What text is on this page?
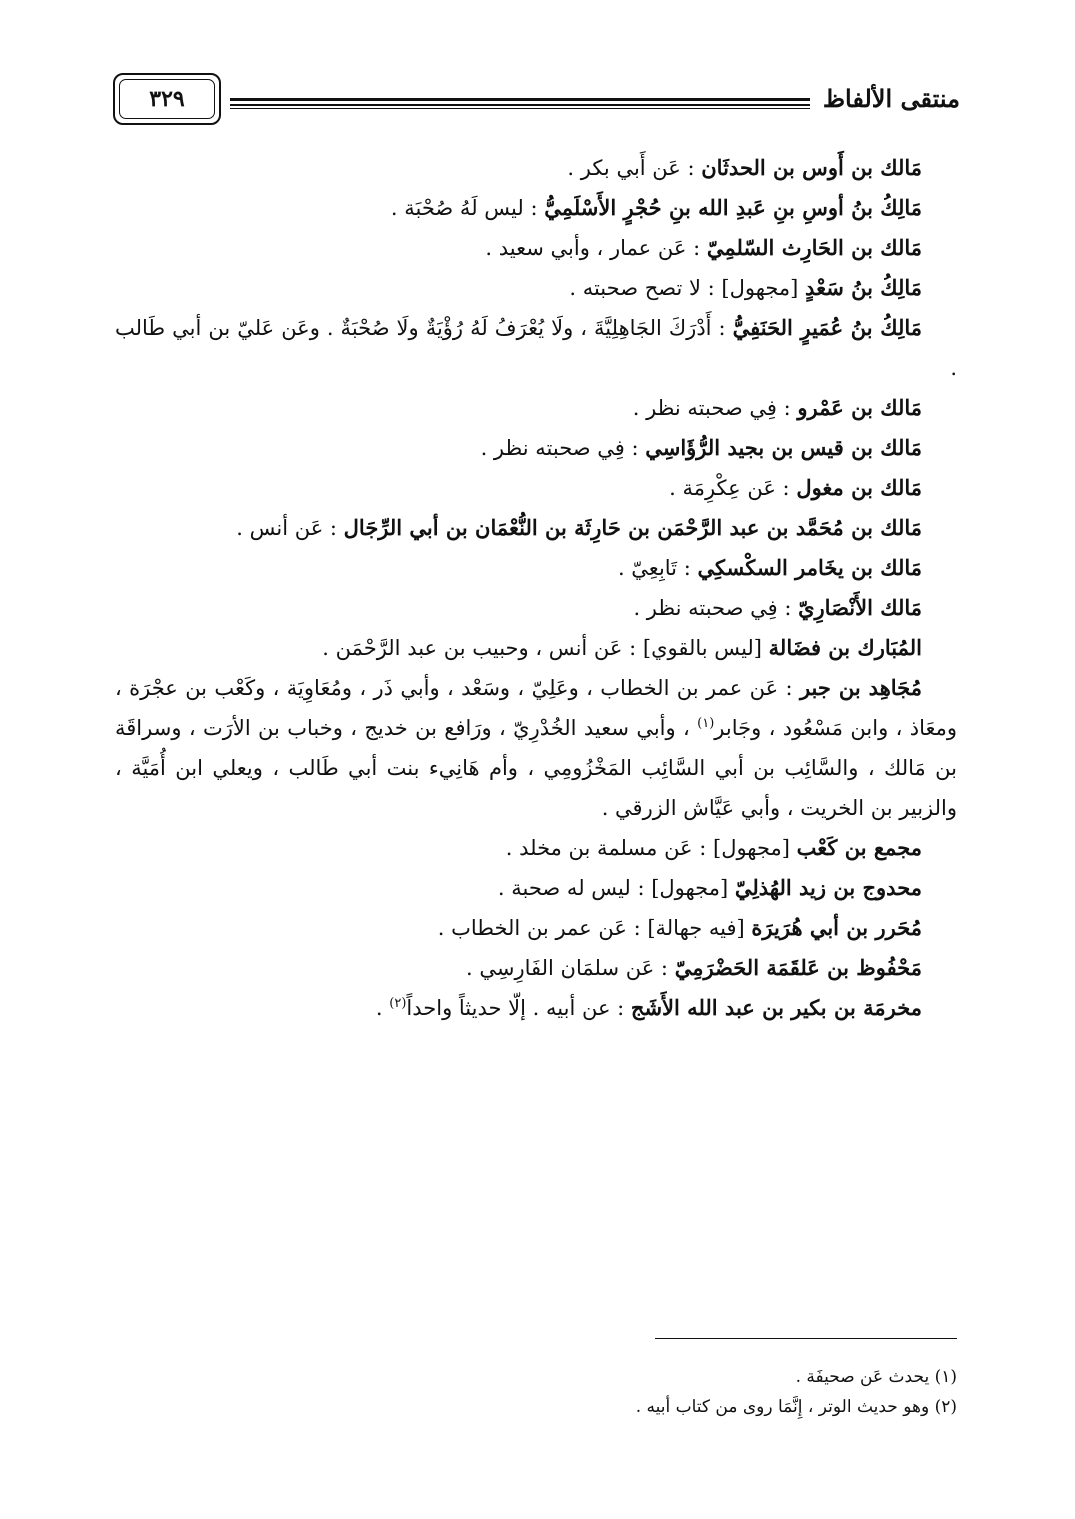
منتقى الألفاظ
٣٢٩
مَالك بن أَوس بن الحدثَان : عَن أَبي بكر .
مَالِكُ بنُ أوسِ بنِ عَبدِ الله بنِ حُجْرٍ الأَسْلَمِيُّ : ليس لَهُ صُحْبَة .
مَالك بن الحَارِث السّلمِيّ : عَن عمار ، وأبي سعيد .
مَالِكُ بنُ سَعْدٍ [مجهول] : لا تصح صحبته .
مَالِكُ بنُ عُمَيرٍ الحَنَفِيُّ : أَدْرَكَ الجَاهِلِيَّةَ ، ولَا يُعْرَفُ لَهُ رُؤْيَةٌ ولَا صُحْبَةٌ . وعَن عَليّ بن أبي طَالب .
مَالك بن عَمْرو : فِي صحبته نظر .
مَالك بن قيس بن بجيد الرُّؤَاسِي : فِي صحبته نظر .
مَالك بن مغول : عَن عِكْرِمَة .
مَالك بن مُحَمَّد بن عبد الرَّحْمَن بن حَارِثَة بن النُّعْمَان بن أبي الرِّجَال : عَن أنس .
مَالك بن يخَامر السكْسكِي : تَابِعِيّ .
مَالك الأَنْصَارِيّ : فِي صحبته نظر .
المُبَارك بن فضَالة [ليس بالقوي] : عَن أنس ، وحبيب بن عبد الرَّحْمَن .
مُجَاهِد بن جبر : عَن عمر بن الخطاب ، وعَلِيّ ، وسَعْد ، وأبي ذَر ، ومُعَاوِيَة ، وكَعْب بن عجْرَة ، ومعَاذ ، وابن مَسْعُود ، وجَابر$^{(١)}$ ، وأبي سعيد الخُدْرِيّ ، ورَافع بن خديج ، وخباب بن الأرَت ، وسراقَة بن مَالك ، والسَّائِب بن أبي السَّائِب المَخْزُومِي ، وأم هَانِيء بنت أبي طَالب ، ويعلي ابن أُمَيَّة ، والزبير بن الخريت ، وأبي عَيَّاش الزرقي .
مجمع بن كَعْب [مجهول] : عَن مسلمة بن مخلد .
محدوج بن زيد الهُذلِيّ [مجهول] : ليس له صحبة .
مُحَرر بن أبي هُرَيرَة [فيه جهالة] : عَن عمر بن الخطاب .
مَحْفُوظ بن عَلقَمَة الحَضْرَمِيّ : عَن سلمَان الفَارِسِي .
مخرمَة بن بكير بن عبد الله الأَشَج : عن أبيه . إلّا حديثاً واحداً$^{(٢)}$ .
(١) يحدث عَن صحيفَة .
(٢) وهو حديث الوتر ، إِنَّمَا روى من كتاب أبيه .
